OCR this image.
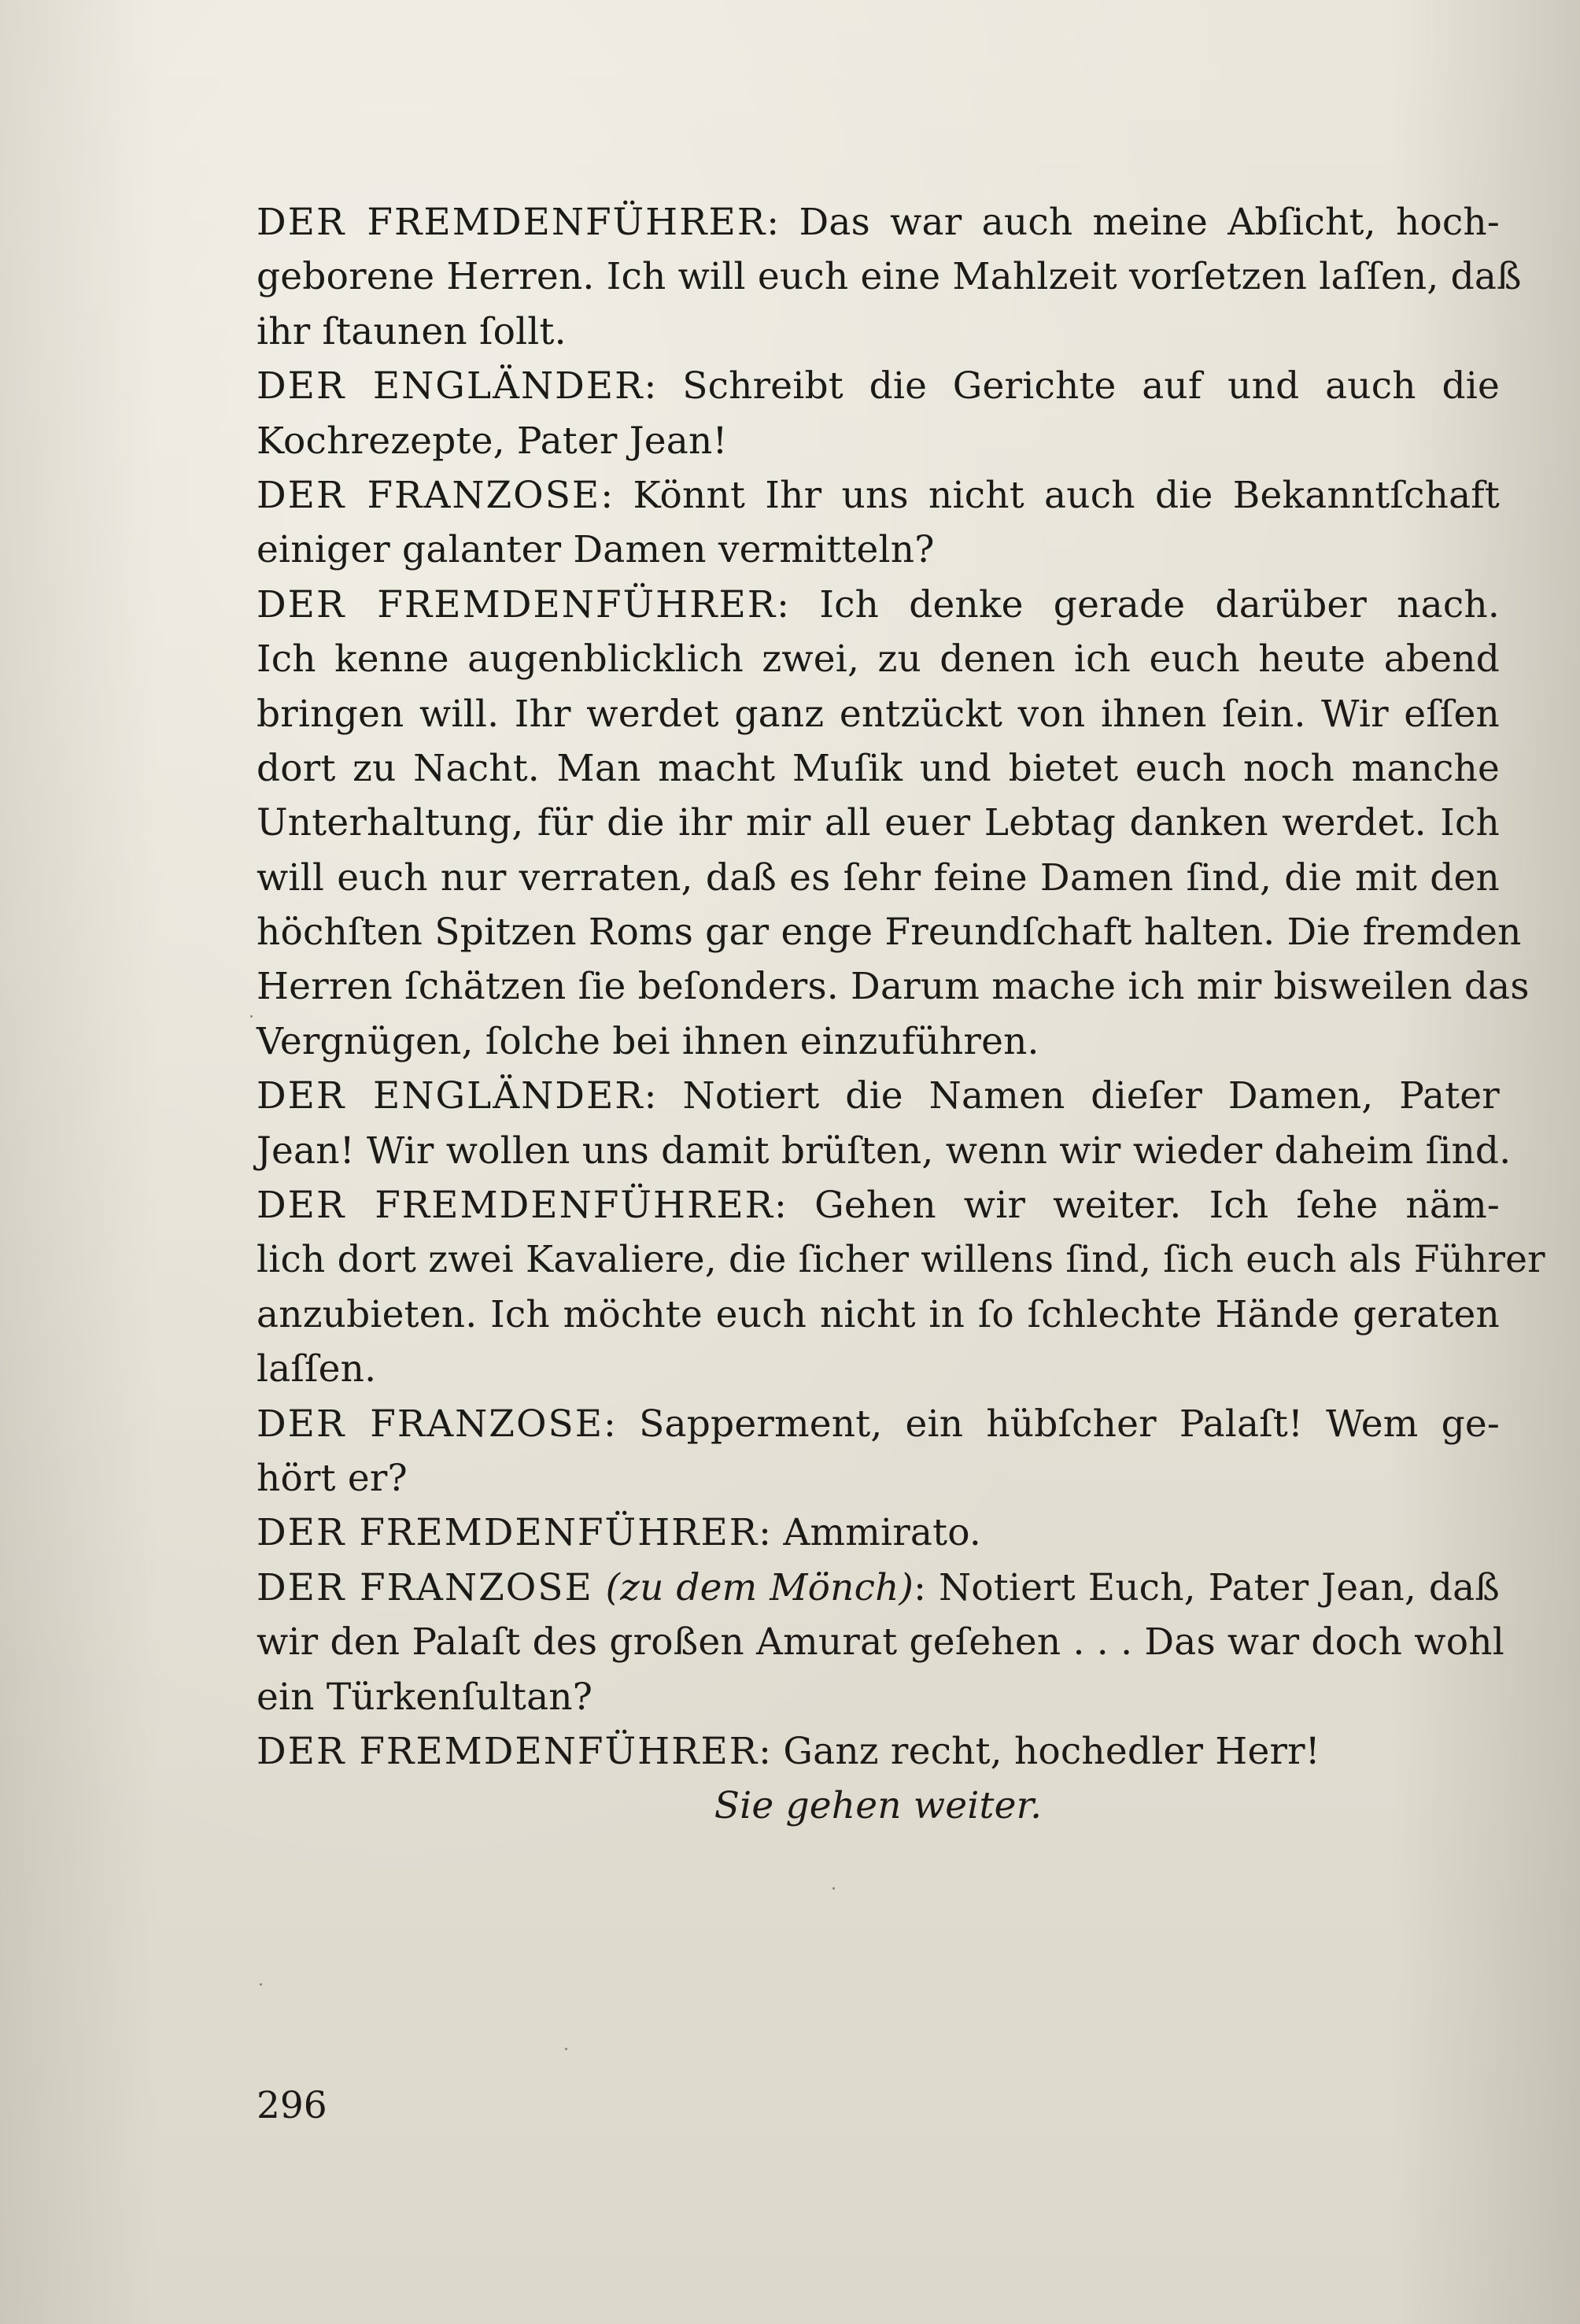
DER FREMDENFÜHRER: Das war auch meine Abſicht, hoch-
geborene Herren. Ich will euch eine Mahlzeit vorſetzen laſſen, daß
ihr ſtaunen ſollt.
DER ENGLÄNDER: Schreibt die Gerichte auf und auch die
Kochrezepte, Pater Jean!
DER FRANZOSE: Könnt Ihr uns nicht auch die Bekanntſchaft
einiger galanter Damen vermitteln?
DER FREMDENFÜHRER: Ich denke gerade darüber nach.
Ich kenne augenblicklich zwei, zu denen ich euch heute abend
bringen will. Ihr werdet ganz entzückt von ihnen ſein. Wir eſſen
dort zu Nacht. Man macht Muſik und bietet euch noch manche
Unterhaltung, für die ihr mir all euer Lebtag danken werdet. Ich
will euch nur verraten, daß es ſehr feine Damen ſind, die mit den
höchſten Spitzen Roms gar enge Freundſchaft halten. Die fremden
Herren ſchätzen ſie beſonders. Darum mache ich mir bisweilen das
Vergnügen, ſolche bei ihnen einzuführen.
DER ENGLÄNDER: Notiert die Namen dieſer Damen, Pater
Jean! Wir wollen uns damit brüſten, wenn wir wieder daheim ſind.
DER FREMDENFÜHRER: Gehen wir weiter. Ich ſehe näm-
lich dort zwei Kavaliere, die ſicher willens ſind, ſich euch als Führer
anzubieten. Ich möchte euch nicht in ſo ſchlechte Hände geraten
laſſen.
DER FRANZOSE: Sapperment, ein hübſcher Palaſt! Wem ge-
hört er?
DER FREMDENFÜHRER: Ammirato.
DER FRANZOSE (zu dem Mönch): Notiert Euch, Pater Jean, daß
wir den Palaſt des großen Amurat geſehen . . . Das war doch wohl
ein Türkenſultan?
DER FREMDENFÜHRER: Ganz recht, hochedler Herr!
Sie gehen weiter.
296
